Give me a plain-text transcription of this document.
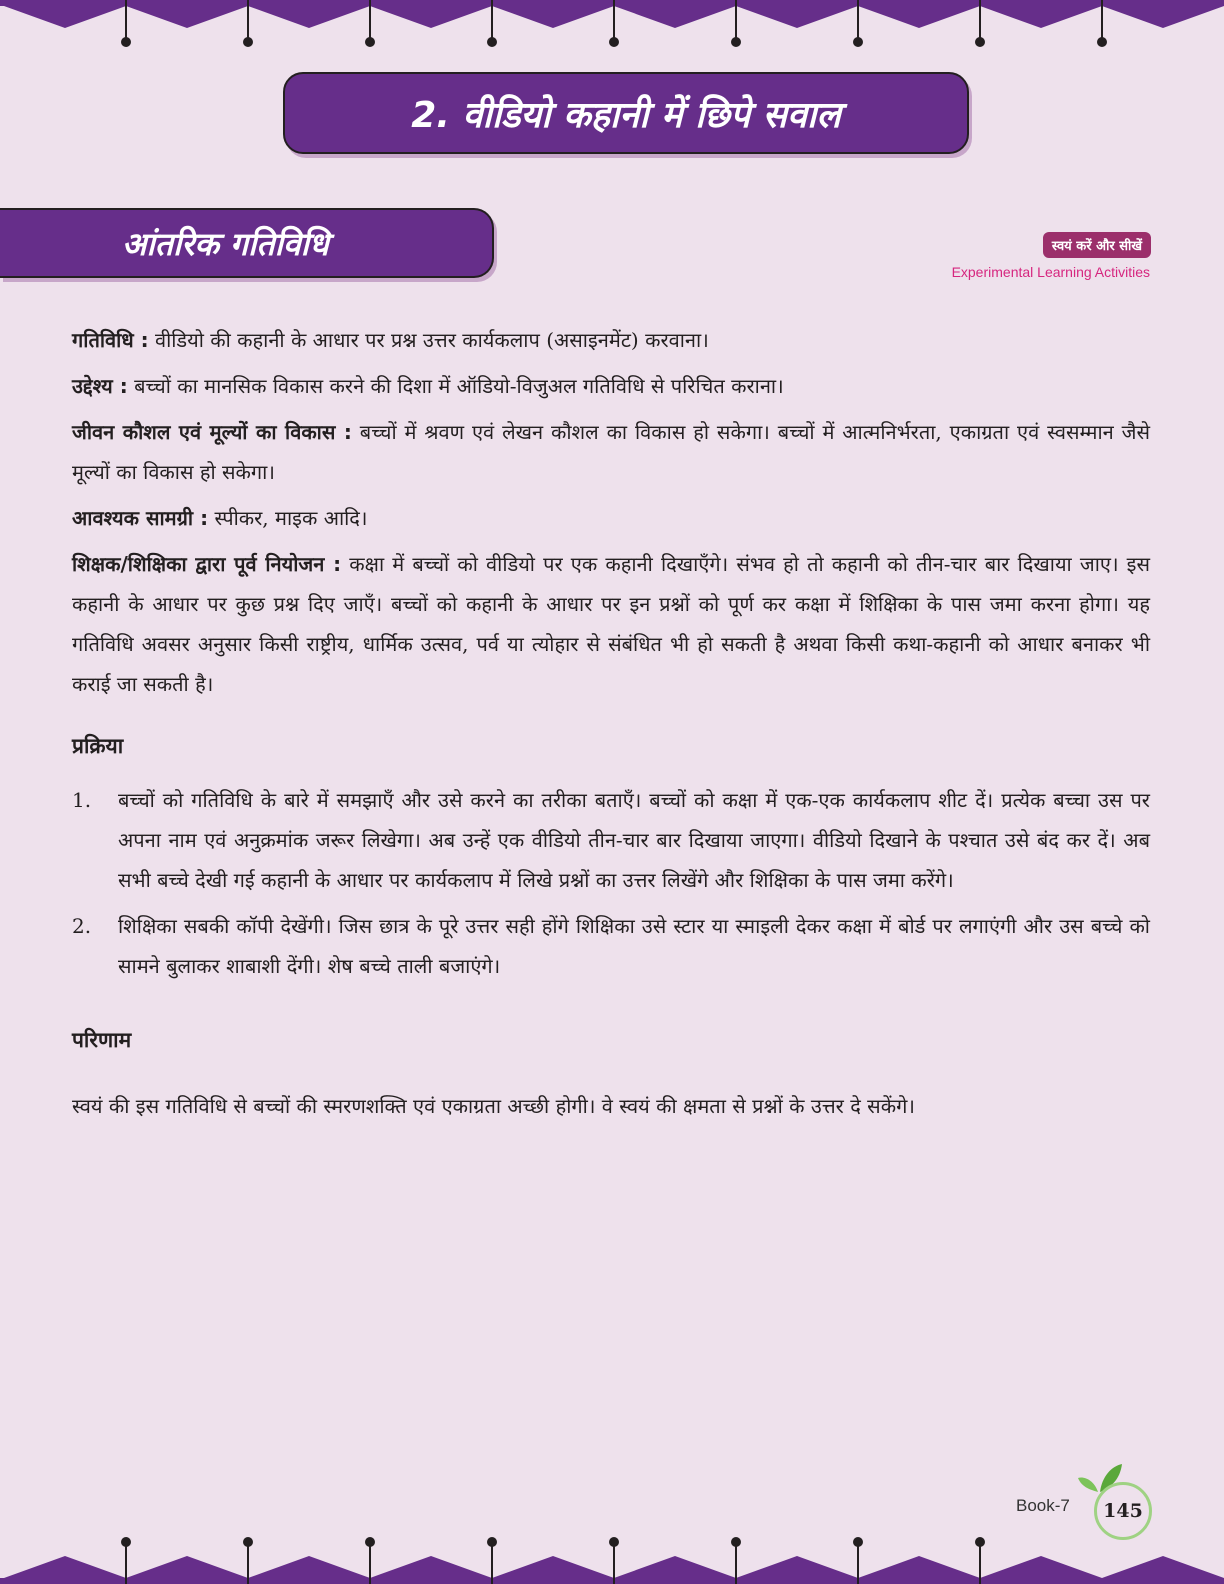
2. वीडियो कहानी में छिपे सवाल
आंतरिक गतिविधि	स्वयं करें और सीखें
Experimental Learning Activities

गतिविधि : वीडियो की कहानी के आधार पर प्रश्न उत्तर कार्यकलाप (असाइनमेंट) करवाना।

उद्देश्य : बच्चों का मानसिक विकास करने की दिशा में ऑडियो-विजुअल गतिविधि से परिचित कराना।

जीवन कौशल एवं मूल्यों का विकास : बच्चों में श्रवण एवं लेखन कौशल का विकास हो सकेगा। बच्चों में आत्मनिर्भरता, एकाग्रता एवं स्वसम्मान जैसे मूल्यों का विकास हो सकेगा।

आवश्यक सामग्री : स्पीकर, माइक आदि।

शिक्षक/शिक्षिका द्वारा पूर्व नियोजन : कक्षा में बच्चों को वीडियो पर एक कहानी दिखाएँगे। संभव हो तो कहानी को तीन-चार बार दिखाया जाए। इस कहानी के आधार पर कुछ प्रश्न दिए जाएँ। बच्चों को कहानी के आधार पर इन प्रश्नों को पूर्ण कर कक्षा में शिक्षिका के पास जमा करना होगा। यह गतिविधि अवसर अनुसार किसी राष्ट्रीय, धार्मिक उत्सव, पर्व या त्योहार से संबंधित भी हो सकती है अथवा किसी कथा-कहानी को आधार बनाकर भी कराई जा सकती है।

प्रक्रिया
1. बच्चों को गतिविधि के बारे में समझाएँ और उसे करने का तरीका बताएँ। बच्चों को कक्षा में एक-एक कार्यकलाप शीट दें। प्रत्येक बच्चा उस पर अपना नाम एवं अनुक्रमांक जरूर लिखेगा। अब उन्हें एक वीडियो तीन-चार बार दिखाया जाएगा। वीडियो दिखाने के पश्चात उसे बंद कर दें। अब सभी बच्चे देखी गई कहानी के आधार पर कार्यकलाप में लिखे प्रश्नों का उत्तर लिखेंगे और शिक्षिका के पास जमा करेंगे।
2. शिक्षिका सबकी कॉपी देखेंगी। जिस छात्र के पूरे उत्तर सही होंगे शिक्षिका उसे स्टार या स्माइली देकर कक्षा में बोर्ड पर लगाएंगी और उस बच्चे को सामने बुलाकर शाबाशी देंगी। शेष बच्चे ताली बजाएंगे।
परिणाम

स्वयं की इस गतिविधि से बच्चों की स्मरणशक्ति एवं एकाग्रता अच्छी होगी। वे स्वयं की क्षमता से प्रश्नों के उत्तर दे सकेंगे।

Book-7	145
